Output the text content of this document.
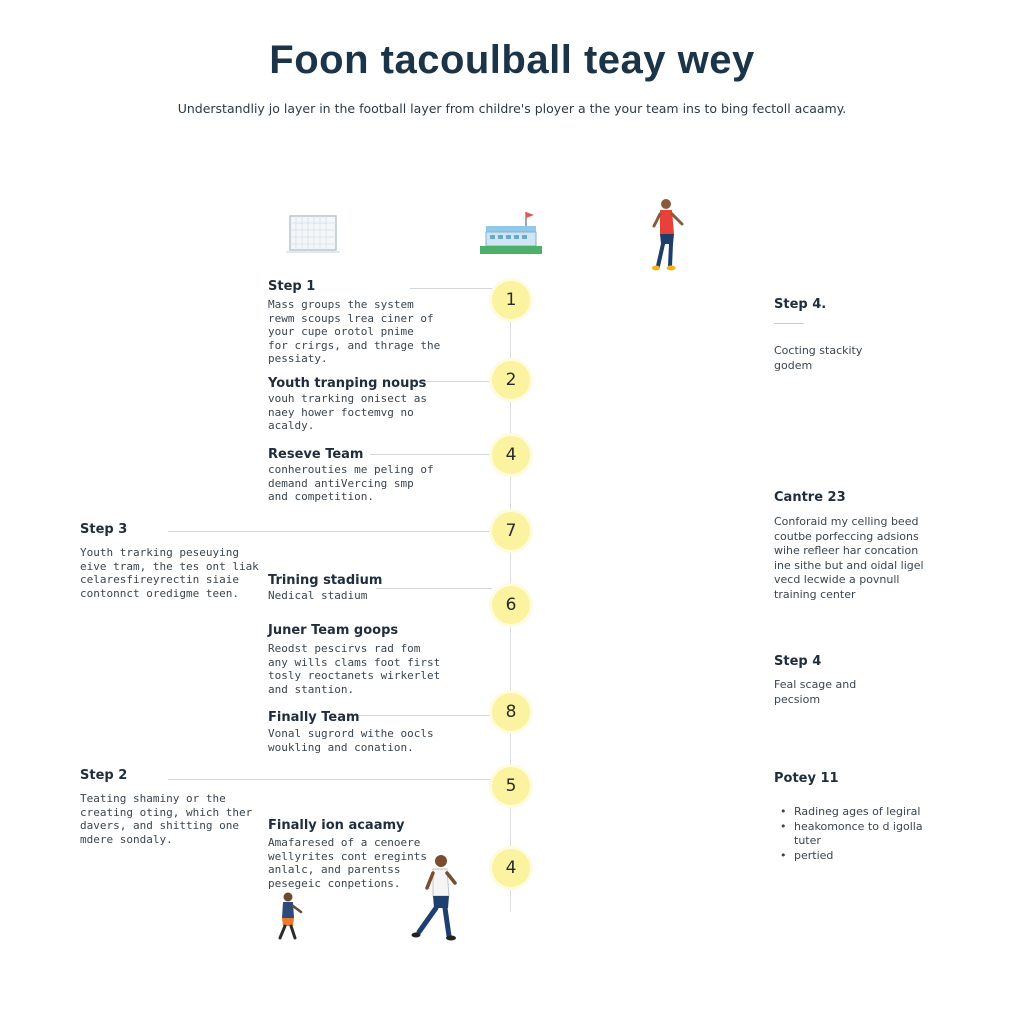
Foon tacoulball teay wey
Understandliy jo layer in the football layer from childre's ployer a the your team ins to bing fectoll acaamy.
1
2
4
7
6
8
5
4
Step 1
Mass groups the system
rewm scoups lrea ciner of
your cupe orotol pnime
for crirgs, and thrage the
pessiaty.
Youth tranping noups
vouh trarking onisect as
naey hower foctemvg no
acaldy.
Reseve Team
conherouties me peling of
demand antiVercing smp
and competition.
Trining stadium
Nedical stadium
Juner Team goops
Reodst pescirvs rad fom
any wills clams foot first
tosly reoctanets wirkerlet
and stantion.
Finally Team
Vonal sugrord withe oocls
woukling and conation.
Finally ion acaamy
Amafaresed of a cenoere
wellyrites cont eregints
anlalc, and parentss
pesegeic conpetions.
Step 3
Youth trarking peseuying
eive tram, the tes ont liak
celaresfireyrectin siaie
contonnct oredigme teen.
Step 2
Teating shaminy or the
creating oting, which ther
davers, and shitting one
mdere sondaly.
Step 4.
Cocting stackity
godem
Cantre 23
Conforaid my celling beed
coutbe porfeccing adsions
wihe refleer har concation
ine sithe but and oidal ligel
vecd lecwide a povnull
training center
Step 4
Feal scage and
pecsiom
Potey 11
• Radineg ages of legiral
• heakomonce to d igolla
tuter
• pertied
